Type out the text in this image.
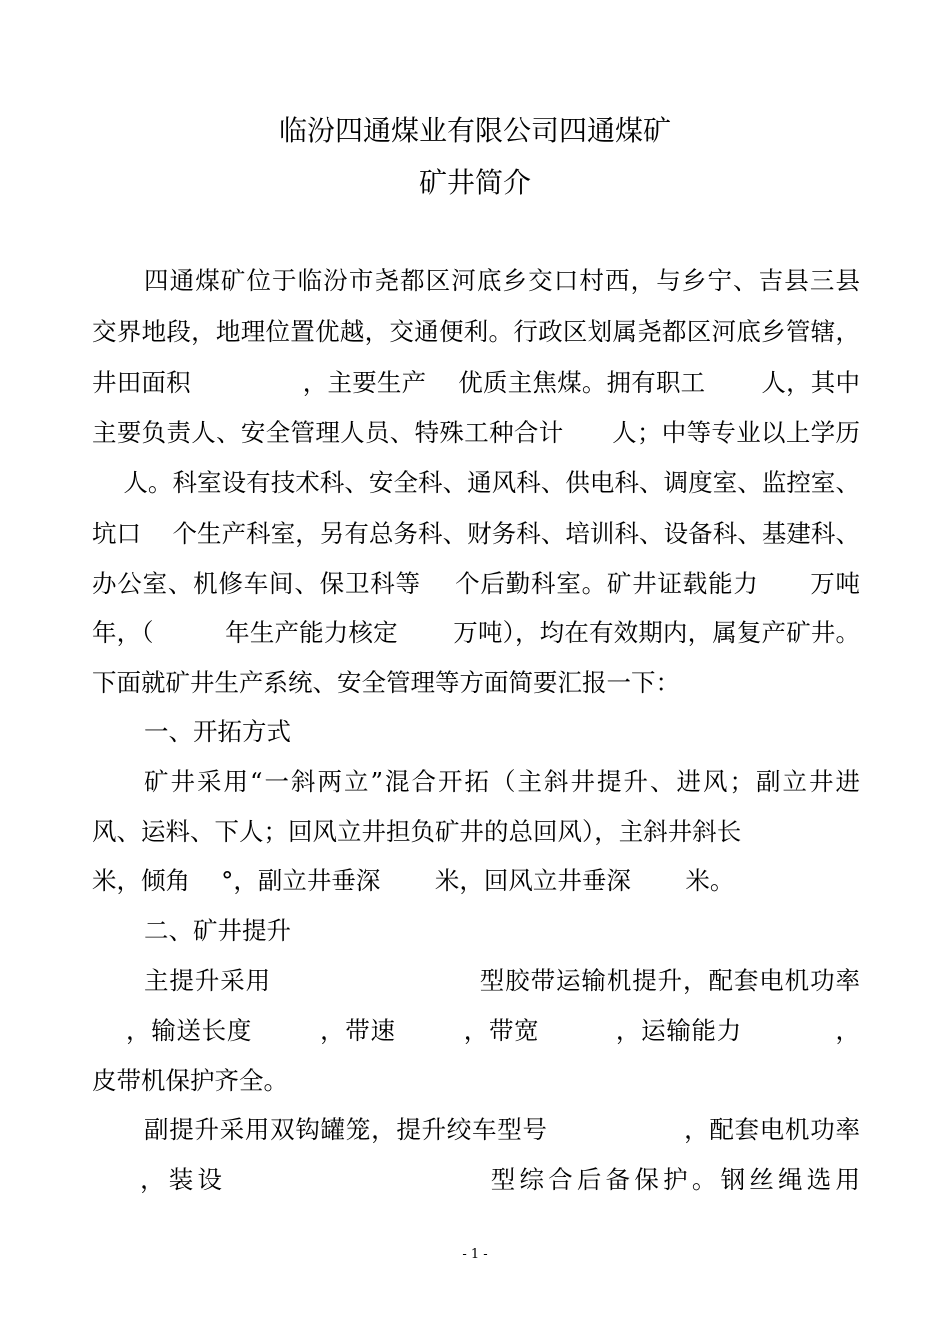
临汾四通煤业有限公司四通煤矿
矿井简介
四通煤矿位于临汾市尧都区河底乡交口村西，与乡宁、吉县三县
交界地段，地理位置优越，交通便利。行政区划属尧都区河底乡管辖，
井田面积              ，主要生产    优质主焦煤。拥有职工       人，其中
主要负责人、安全管理人员、特殊工种合计      人；中等专业以上学历
人。科室设有技术科、安全科、通风科、供电科、调度室、监控室、
坑口    个生产科室，另有总务科、财务科、培训科、设备科、基建科、
办公室、机修车间、保卫科等    个后勤科室。矿井证载能力      万吨
年，（         年生产能力核定       万吨），均在有效期内，属复产矿井。
下面就矿井生产系统、安全管理等方面简要汇报一下：
一、开拓方式
矿井采用“一斜两立”混合开拓（主斜井提升、进风；副立井进
风、运料、下人；回风立井担负矿井的总回风），主斜井斜长
米，倾角    °，副立井垂深       米，回风立井垂深       米。
二、矿井提升
主提升采用                        型胶带运输机提升，配套电机功率
，输送长度        ，带速        ，带宽         ，运输能力           ，
皮带机保护齐全。
副提升采用双钩罐笼，提升绞车型号                ，配套电机功率
，装设                      型综合后备保护。钢丝绳选用
- 1 -
